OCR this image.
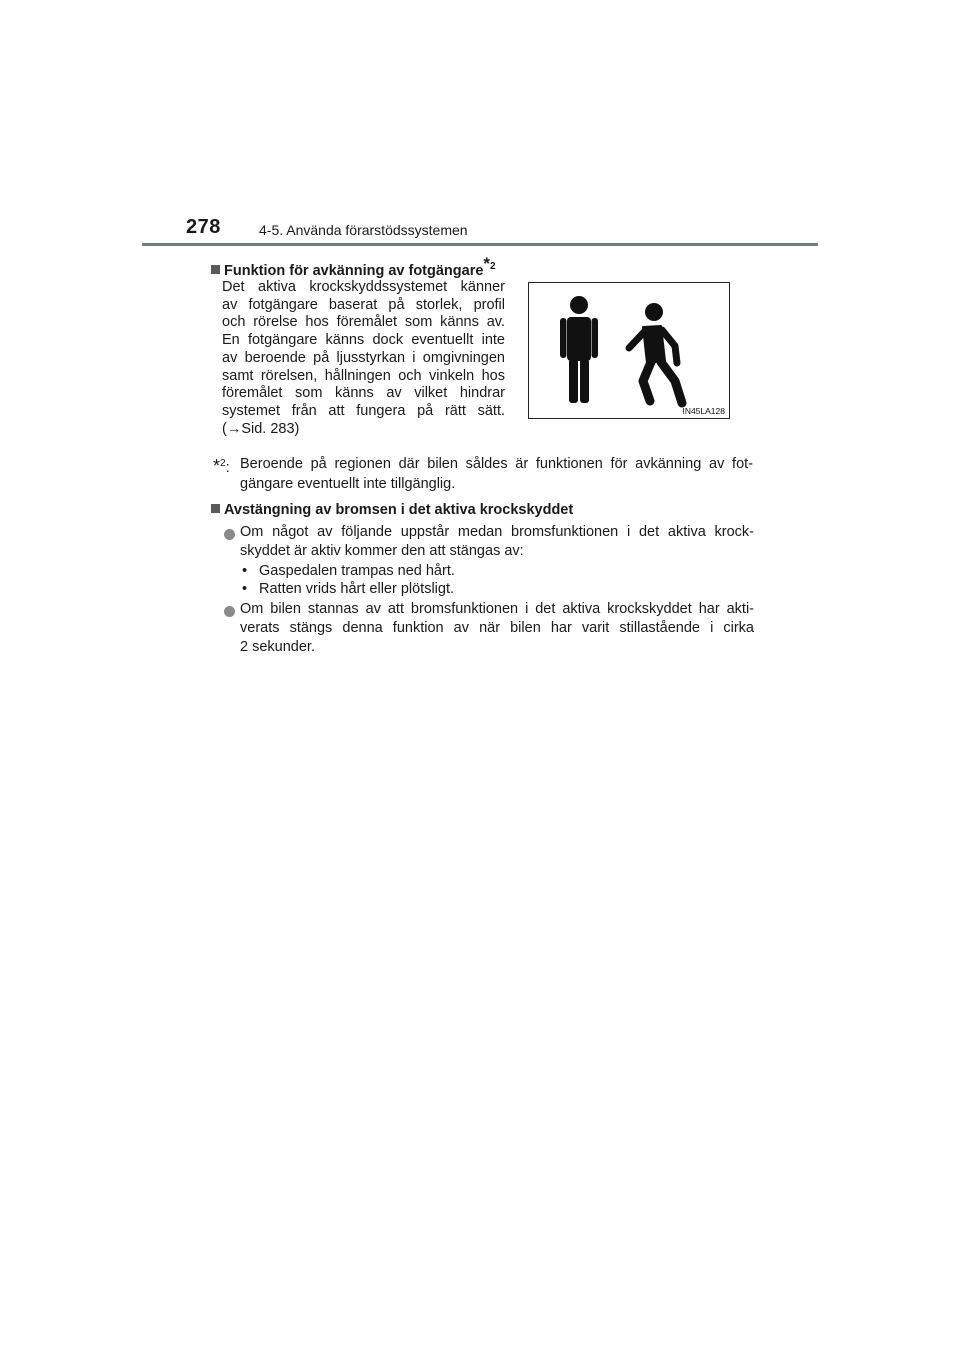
278	4-5. Använda förarstödssystemen
Funktion för avkänning av fotgängare$^{*2}$
Det aktiva krockskyddssystemet känner
av fotgängare baserat på storlek, profil
och rörelse hos föremålet som känns av.
En fotgängare känns dock eventuellt inte
av beroende på ljusstyrkan i omgivningen
samt rörelsen, hållningen och vinkeln hos
föremålet som känns av vilket hindrar
systemet från att fungera på rätt sätt.
(→Sid. 283)
IN45LA128
*$^2$: Beroende på regionen där bilen såldes är funktionen för avkänning av fot-gängare eventuellt inte tillgänglig.
Avstängning av bromsen i det aktiva krockskyddet
Om något av följande uppstår medan bromsfunktionen i det aktiva krock-
skyddet är aktiv kommer den att stängas av:
• Gaspedalen trampas ned hårt.
• Ratten vrids hårt eller plötsligt.
Om bilen stannas av att bromsfunktionen i det aktiva krockskyddet har akti-
verats stängs denna funktion av när bilen har varit stillastående i cirka
2 sekunder.
